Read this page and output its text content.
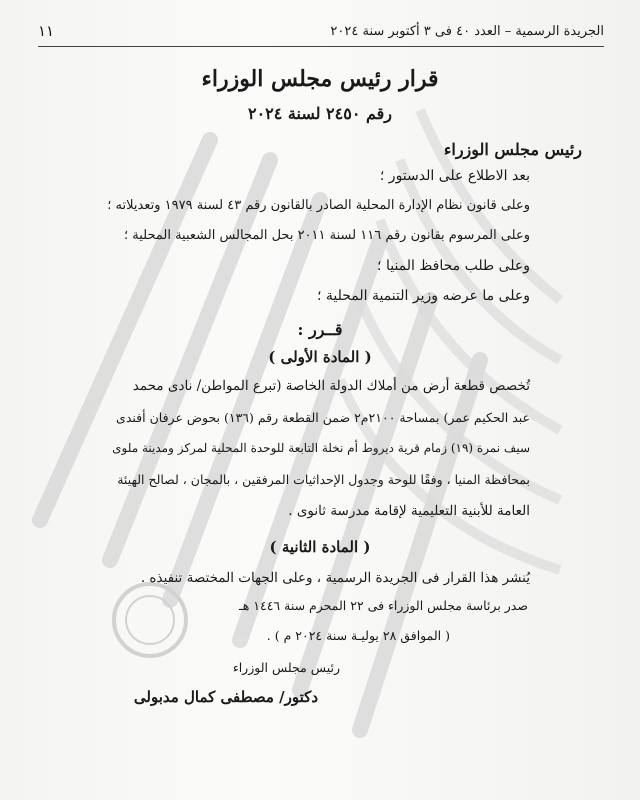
الجريدة الرسمية – العدد ٤٠ فى ٣ أكتوبر سنة ٢٠٢٤
١١
قرار رئيس مجلس الوزراء
رقم ٢٤٥٠ لسنة ٢٠٢٤
رئيس مجلس الوزراء
بعد الاطلاع على الدستور ؛
وعلى قانون نظام الإدارة المحلية الصادر بالقانون رقم ٤٣ لسنة ١٩٧٩ وتعديلاته ؛
وعلى المرسوم بقانون رقم ١١٦ لسنة ٢٠١١ بحل المجالس الشعبية المحلية ؛
وعلى طلب محافظ المنيا ؛
وعلى ما عرضه وزير التنمية المحلية ؛
قــرر :
( المادة الأولى )
تُخصص قطعة أرض من أملاك الدولة الخاصة (تبرع المواطن/ نادى محمد
عبد الحكيم عمر) بمساحة ٢١٠٠م٢ ضمن القطعة رقم (١٣٦) بحوض عرفان أفندى
سيف نمرة (١٩) زمام قرية ديروط أم نخلة التابعة للوحدة المحلية لمركز ومدينة ملوى
بمحافظة المنيا ، وفقًا للوحة وجدول الإحداثيات المرفقين ، بالمجان ، لصالح الهيئة
العامة للأبنية التعليمية لإقامة مدرسة ثانوى .
( المادة الثانية )
يُنشر هذا القرار فى الجريدة الرسمية ، وعلى الجهات المختصة تنفيذه .
صدر برئاسة مجلس الوزراء فى ٢٢ المحرم سنة ١٤٤٦ هـ
( الموافق ٢٨ يوليـة سنة ٢٠٢٤ م ) .
رئيس مجلس الوزراء
دكتور/ مصطفى كمال مدبولى
